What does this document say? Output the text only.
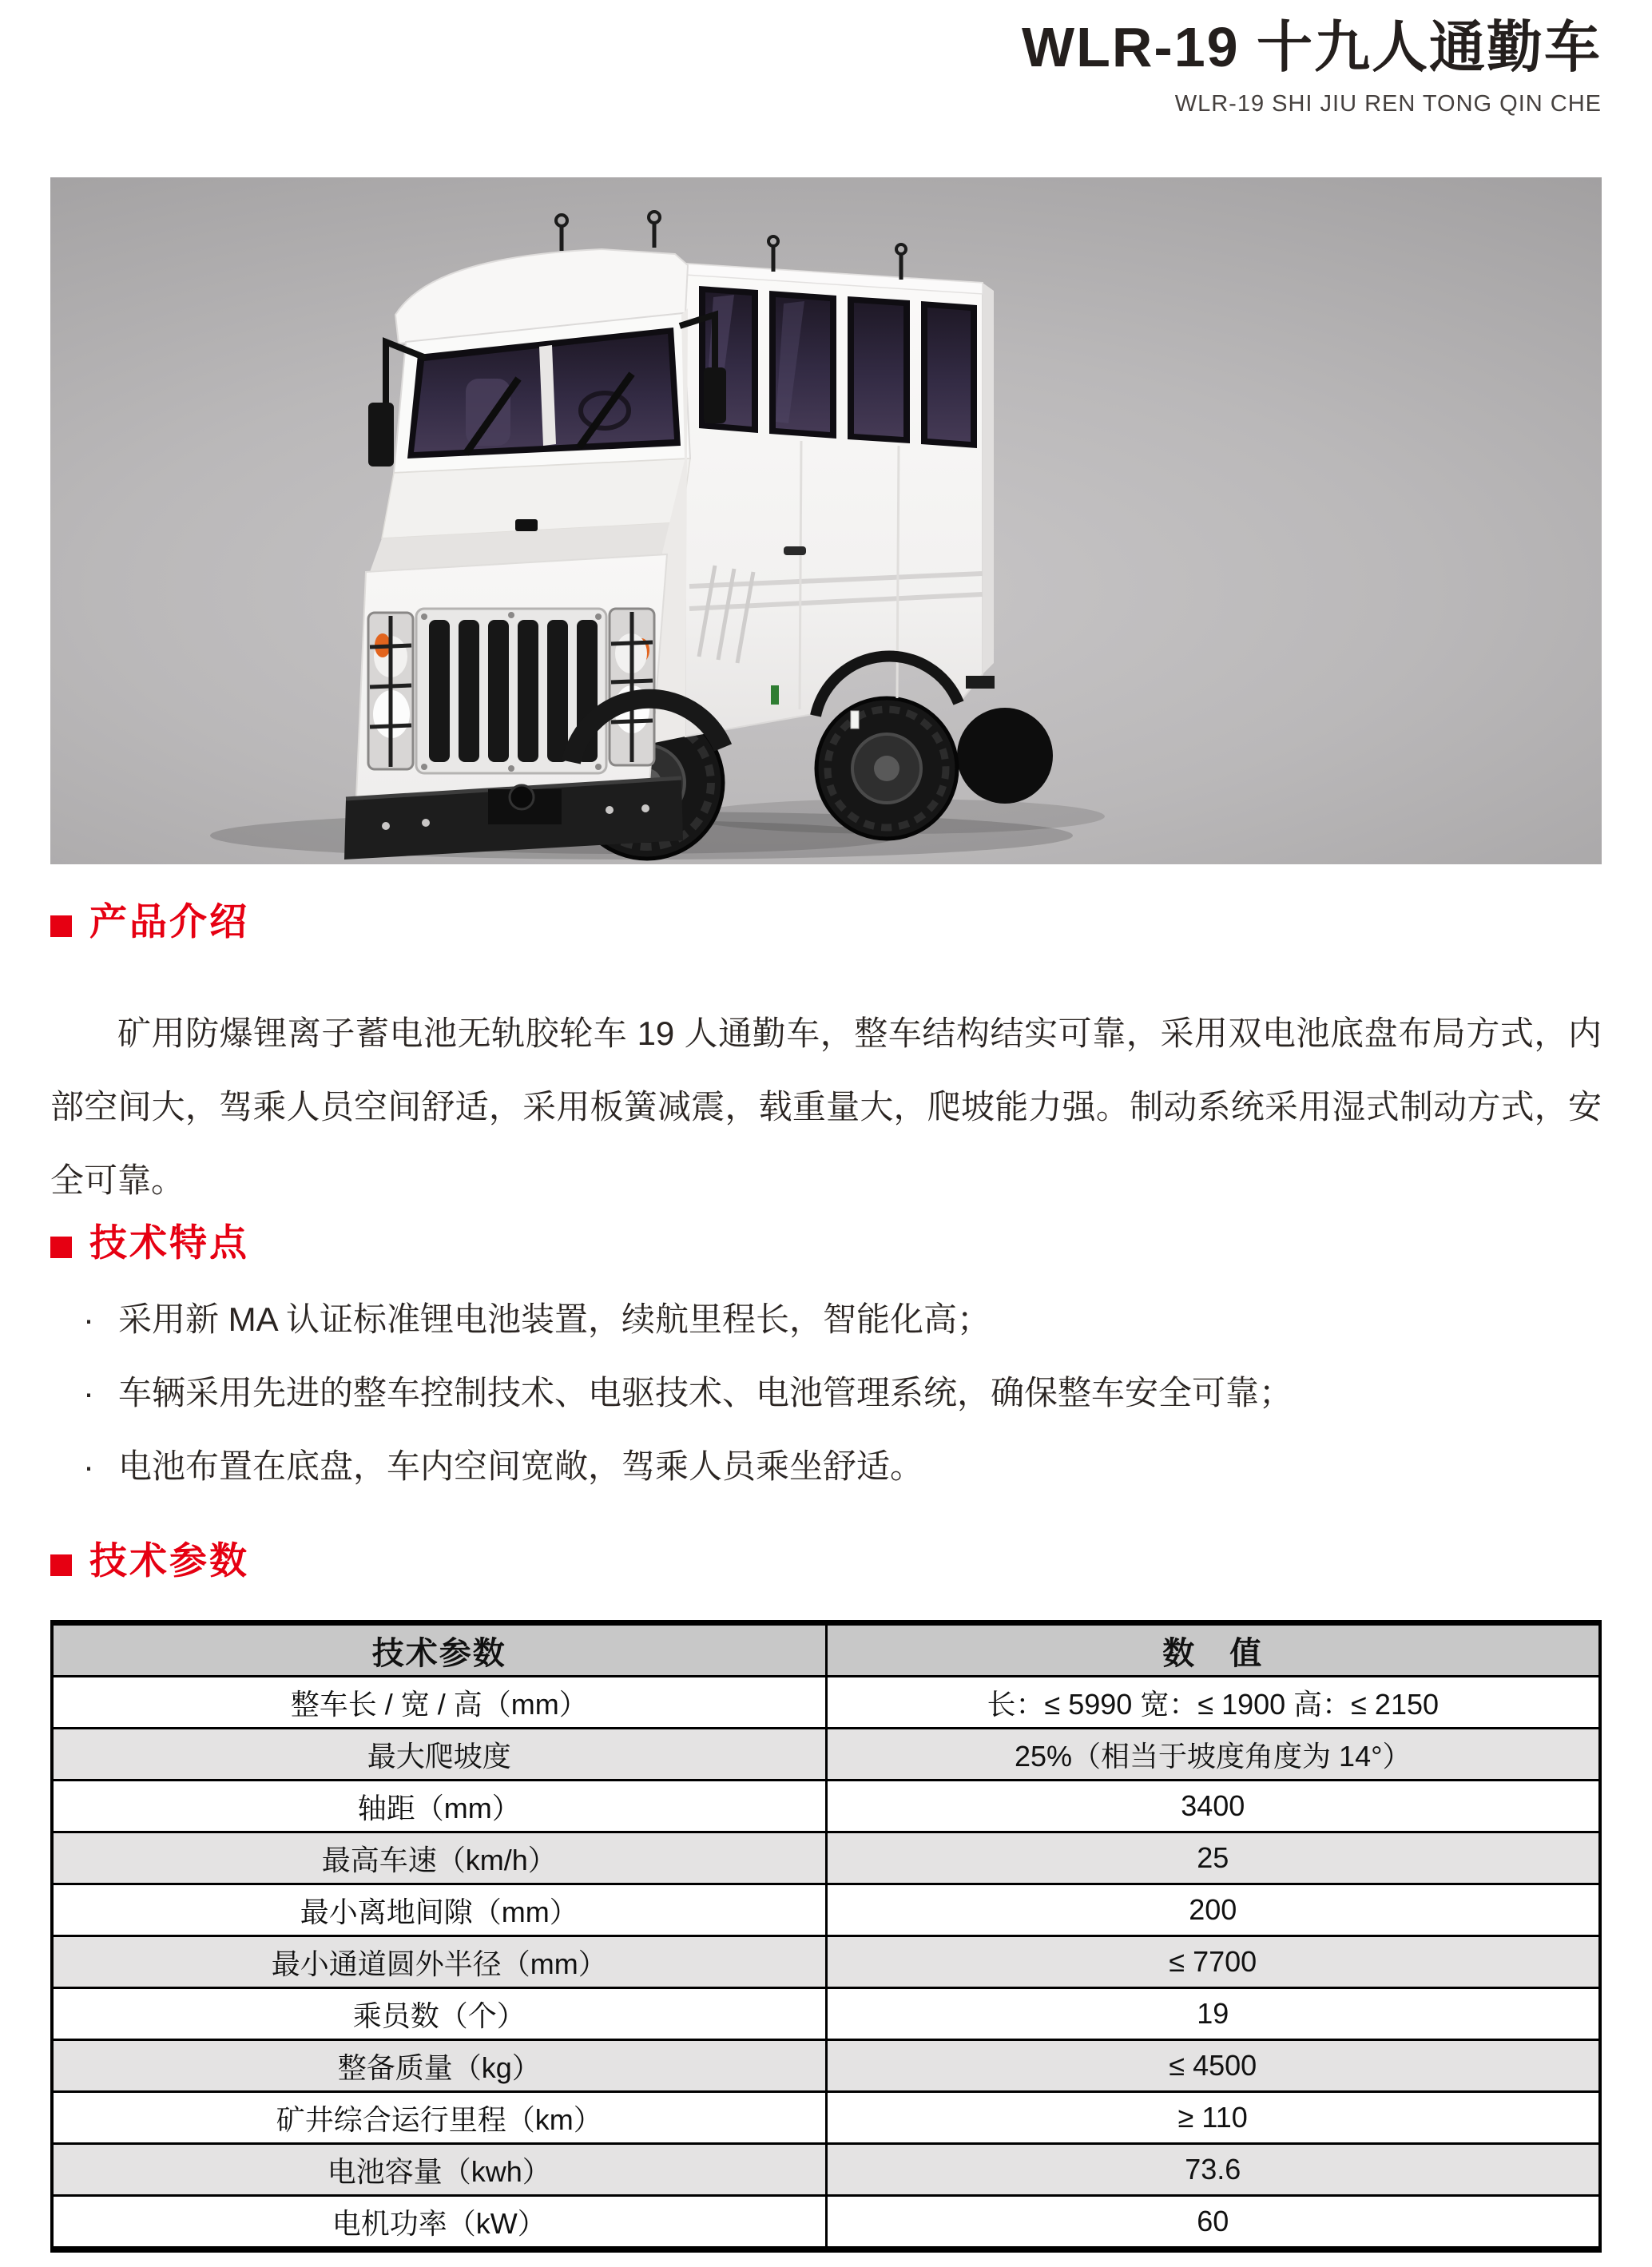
WLR-19 十九人通勤车
WLR-19 SHI JIU REN TONG QIN CHE
产品介绍

矿用防爆锂离子蓄电池无轨胶轮车 19 人通勤车，整车结构结实可靠，采用双电池底盘布局方式，内部空间大，驾乘人员空间舒适，采用板簧减震，载重量大，爬坡能力强。制动系统采用湿式制动方式，安全可靠。

技术特点
· 采用新 MA 认证标准锂电池装置，续航里程长，智能化高；
· 车辆采用先进的整车控制技术、电驱技术、电池管理系统，确保整车安全可靠；
· 电池布置在底盘，车内空间宽敞，驾乘人员乘坐舒适。
技术参数
技术参数	数　值
整车长 / 宽 / 高（mm）	长：≤ 5990 宽：≤ 1900 高：≤ 2150
最大爬坡度	25%（相当于坡度角度为 14°）
轴距（mm）	3400
最高车速（km/h）	25
最小离地间隙（mm）	200
最小通道圆外半径（mm）	≤ 7700
乘员数（个）	19
整备质量（kg）	≤ 4500
矿井综合运行里程（km）	≥ 110
电池容量（kwh）	73.6
电机功率（kW）	60
